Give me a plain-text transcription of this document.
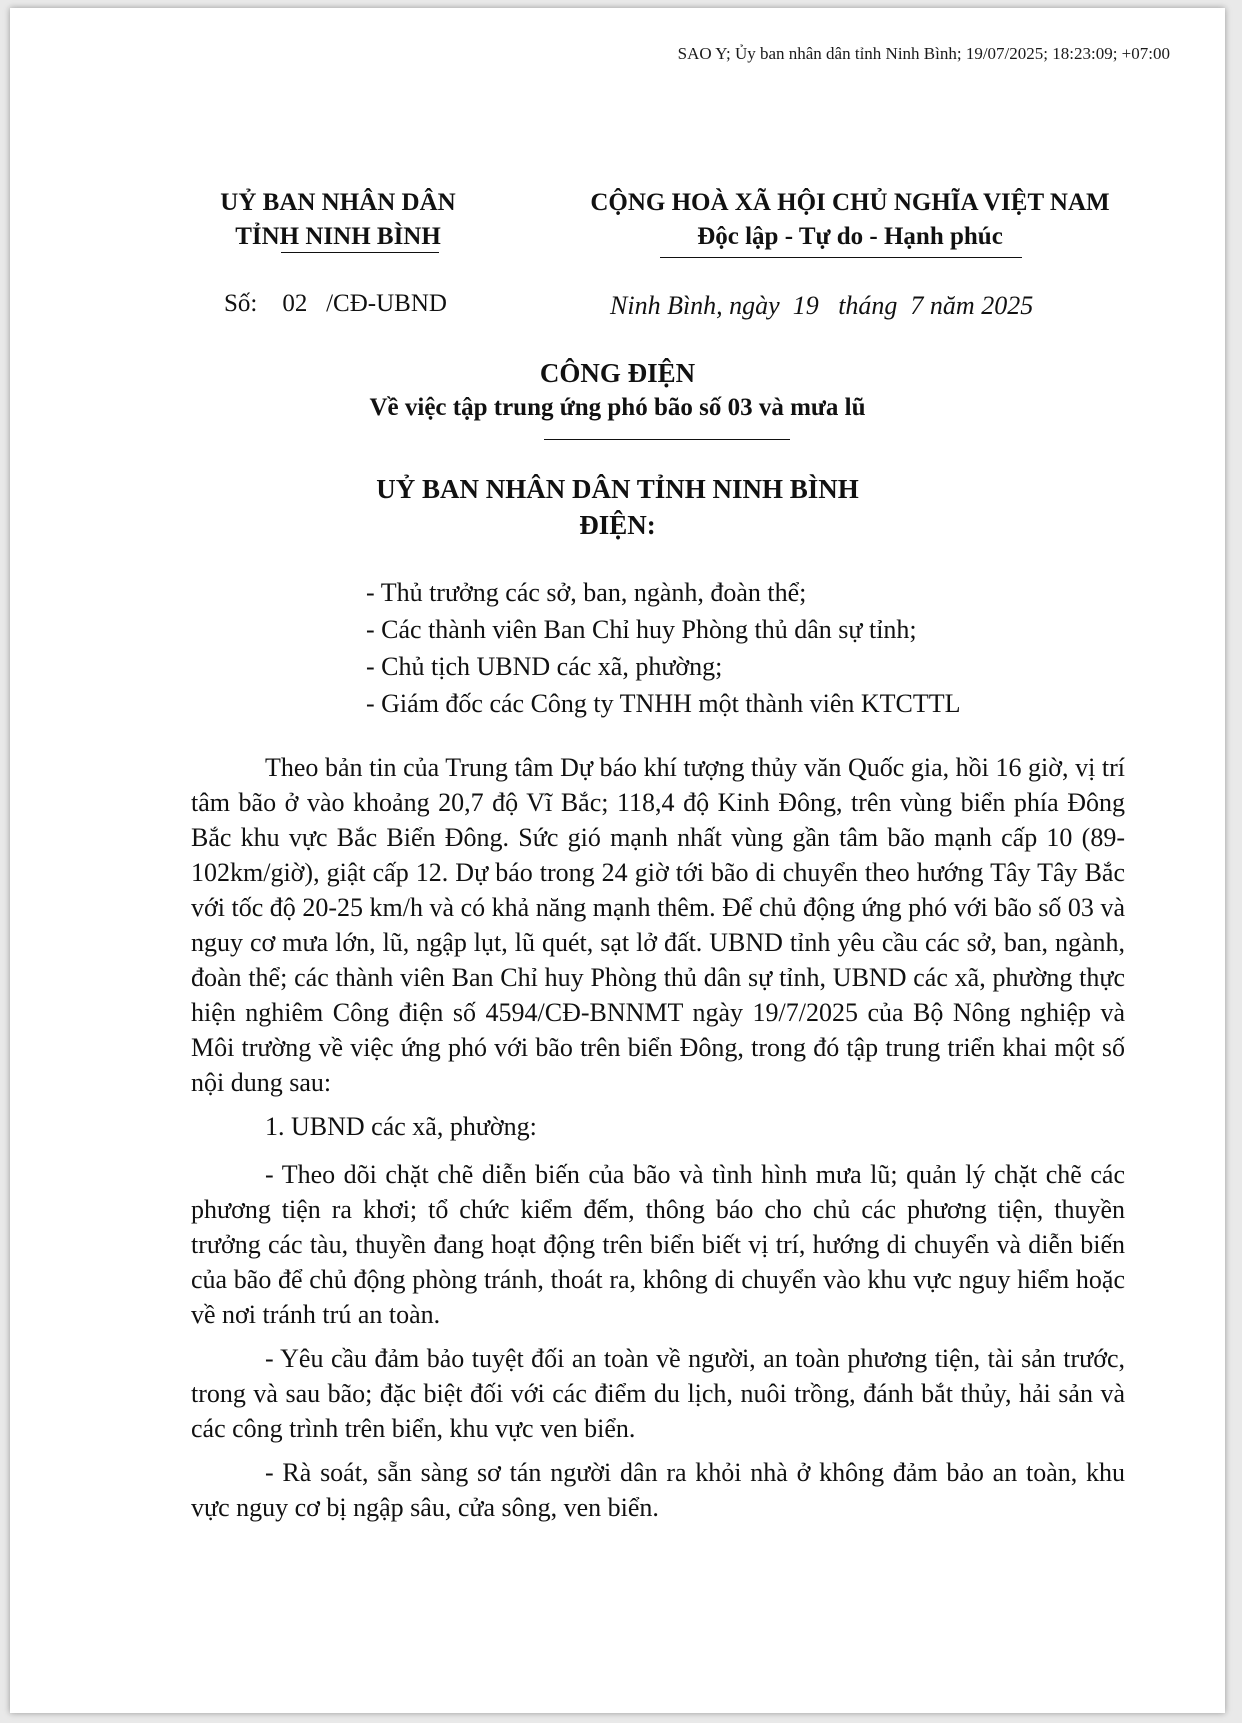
SAO Y; Ủy ban nhân dân tỉnh Ninh Bình; 19/07/2025; 18:23:09; +07:00
UỶ BAN NHÂN DÂN
TỈNH NINH BÌNH
CỘNG HOÀ XÃ HỘI CHỦ NGHĨA VIỆT NAM
Độc lập - Tự do - Hạnh phúc
Số:    02   /CĐ-UBND	Ninh Bình, ngày  19   tháng  7 năm 2025
CÔNG ĐIỆN
Về việc tập trung ứng phó bão số 03 và mưa lũ
UỶ BAN NHÂN DÂN TỈNH NINH BÌNH
ĐIỆN:
- Thủ trưởng các sở, ban, ngành, đoàn thể;
- Các thành viên Ban Chỉ huy Phòng thủ dân sự tỉnh;
- Chủ tịch UBND các xã, phường;
- Giám đốc các Công ty TNHH một thành viên KTCTTL

Theo bản tin của Trung tâm Dự báo khí tượng thủy văn Quốc gia, hồi 16 giờ, vị trí tâm bão ở vào khoảng 20,7 độ Vĩ Bắc; 118,4 độ Kinh Đông, trên vùng biển phía Đông Bắc khu vực Bắc Biển Đông. Sức gió mạnh nhất vùng gần tâm bão mạnh cấp 10 (89-102km/giờ), giật cấp 12. Dự báo trong 24 giờ tới bão di chuyển theo hướng Tây Tây Bắc với tốc độ 20-25 km/h và có khả năng mạnh thêm. Để chủ động ứng phó với bão số 03 và nguy cơ mưa lớn, lũ, ngập lụt, lũ quét, sạt lở đất. UBND tỉnh yêu cầu các sở, ban, ngành, đoàn thể; các thành viên Ban Chỉ huy Phòng thủ dân sự tỉnh, UBND các xã, phường thực hiện nghiêm Công điện số 4594/CĐ-BNNMT ngày 19/7/2025 của Bộ Nông nghiệp và Môi trường về việc ứng phó với bão trên biển Đông, trong đó tập trung triển khai một số nội dung sau:

1. UBND các xã, phường:

- Theo dõi chặt chẽ diễn biến của bão và tình hình mưa lũ; quản lý chặt chẽ các phương tiện ra khơi; tổ chức kiểm đếm, thông báo cho chủ các phương tiện, thuyền trưởng các tàu, thuyền đang hoạt động trên biển biết vị trí, hướng di chuyển và diễn biến của bão để chủ động phòng tránh, thoát ra, không di chuyển vào khu vực nguy hiểm hoặc về nơi tránh trú an toàn.

- Yêu cầu đảm bảo tuyệt đối an toàn về người, an toàn phương tiện, tài sản trước, trong và sau bão; đặc biệt đối với các điểm du lịch, nuôi trồng, đánh bắt thủy, hải sản và các công trình trên biển, khu vực ven biển.

- Rà soát, sẵn sàng sơ tán người dân ra khỏi nhà ở không đảm bảo an toàn, khu vực nguy cơ bị ngập sâu, cửa sông, ven biển.
